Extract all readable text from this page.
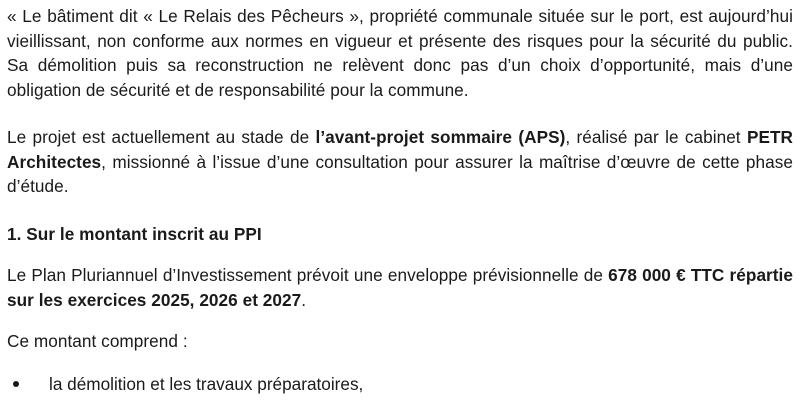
« Le bâtiment dit « Le Relais des Pêcheurs », propriété communale située sur le port, est aujourd’hui vieillissant, non conforme aux normes en vigueur et présente des risques pour la sécurité du public. Sa démolition puis sa reconstruction ne relèvent donc pas d’un choix d’opportunité, mais d’une obligation de sécurité et de responsabilité pour la commune.

Le projet est actuellement au stade de l’avant-projet sommaire (APS), réalisé par le cabinet PETR Architectes, missionné à l’issue d’une consultation pour assurer la maîtrise d’œuvre de cette phase d’étude.

1. Sur le montant inscrit au PPI

Le Plan Pluriannuel d’Investissement prévoit une enveloppe prévisionnelle de 678 000 € TTC répartie sur les exercices 2025, 2026 et 2027.

Ce montant comprend :

la démolition et les travaux préparatoires,
